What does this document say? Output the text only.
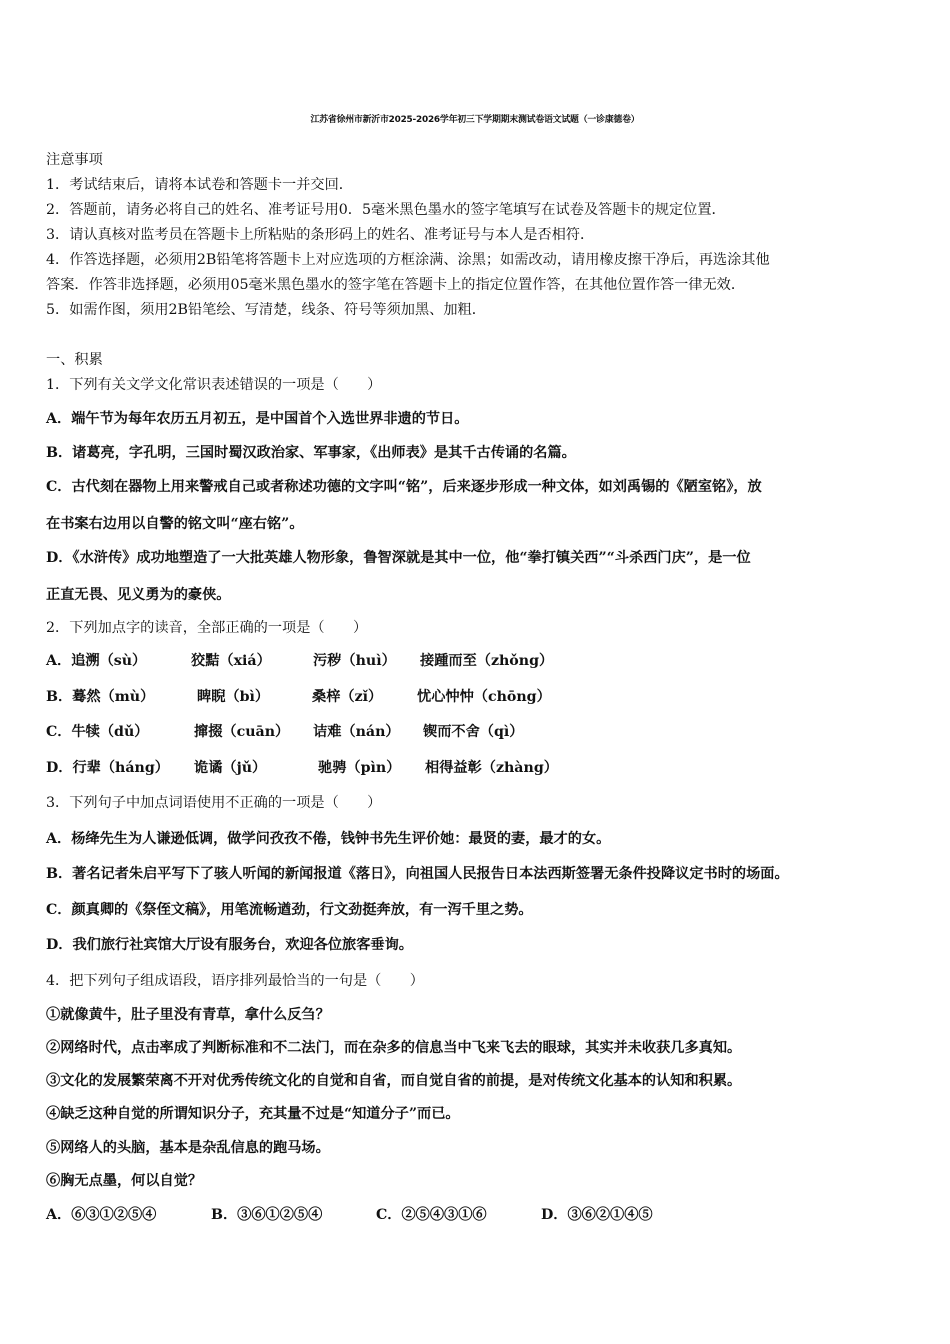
江苏省徐州市新沂市2025-2026学年初三下学期期末测试卷语文试题（一诊康德卷）
注意事项
1．考试结束后，请将本试卷和答题卡一并交回．
2．答题前，请务必将自己的姓名、准考证号用0．5毫米黑色墨水的签字笔填写在试卷及答题卡的规定位置．
3．请认真核对监考员在答题卡上所粘贴的条形码上的姓名、准考证号与本人是否相符．
4．作答选择题，必须用2B铅笔将答题卡上对应选项的方框涂满、涂黑；如需改动，请用橡皮擦干净后，再选涂其他
答案．作答非选择题，必须用05毫米黑色墨水的签字笔在答题卡上的指定位置作答，在其他位置作答一律无效．
5．如需作图，须用2B铅笔绘、写清楚，线条、符号等须加黑、加粗．
一、积累
1．下列有关文学文化常识表述错误的一项是（　　）
A．端午节为每年农历五月初五，是中国首个入选世界非遗的节日。
B．诸葛亮，字孔明，三国时蜀汉政治家、军事家，《出师表》是其千古传诵的名篇。
C．古代刻在器物上用来警戒自己或者称述功德的文字叫“铭”，后来逐步形成一种文体，如刘禹锡的《陋室铭》，放
在书案右边用以自警的铭文叫“座右铭”。
D．《水浒传》成功地塑造了一大批英雄人物形象，鲁智深就是其中一位，他“拳打镇关西”“斗杀西门庆”，是一位
正直无畏、见义勇为的豪侠。
2．下列加点字的读音，全部正确的一项是（　　）
A．追溯（sù）	狡黠（xiá）	污秽（huì） 接踵而至（zhǒng）
B．蓦然（mù）	睥睨（bì）	桑梓（zǐ） 忧心忡忡（chōng）
C．牛犊（dǔ）	撺掇（cuān） 诘难（nán） 锲而不舍（qì）
D．行辈（háng） 诡谲（jǔ）	驰骋（pìn） 相得益彰（zhàng）
3．下列句子中加点词语使用不正确的一项是（　　）
A．杨绛先生为人谦逊低调，做学问孜孜不倦，钱钟书先生评价她：最贤的妻，最才的女。
B．著名记者朱启平写下了骇人听闻的新闻报道《落日》，向祖国人民报告日本法西斯签署无条件投降议定书时的场面。
C．颜真卿的《祭侄文稿》，用笔流畅遒劲，行文劲挺奔放，有一泻千里之势。
D．我们旅行社宾馆大厅设有服务台，欢迎各位旅客垂询。
4．把下列句子组成语段，语序排列最恰当的一句是（　　）
①就像黄牛，肚子里没有青草，拿什么反刍？
②网络时代，点击率成了判断标准和不二法门，而在杂多的信息当中飞来飞去的眼球，其实并未收获几多真知。
③文化的发展繁荣离不开对优秀传统文化的自觉和自省，而自觉自省的前提，是对传统文化基本的认知和积累。
④缺乏这种自觉的所谓知识分子，充其量不过是“知道分子”而已。
⑤网络人的头脑，基本是杂乱信息的跑马场。
⑥胸无点墨，何以自觉？
A．⑥③①②⑤④	B．③⑥①②⑤④	C．②⑤④③①⑥	D．③⑥②①④⑤
